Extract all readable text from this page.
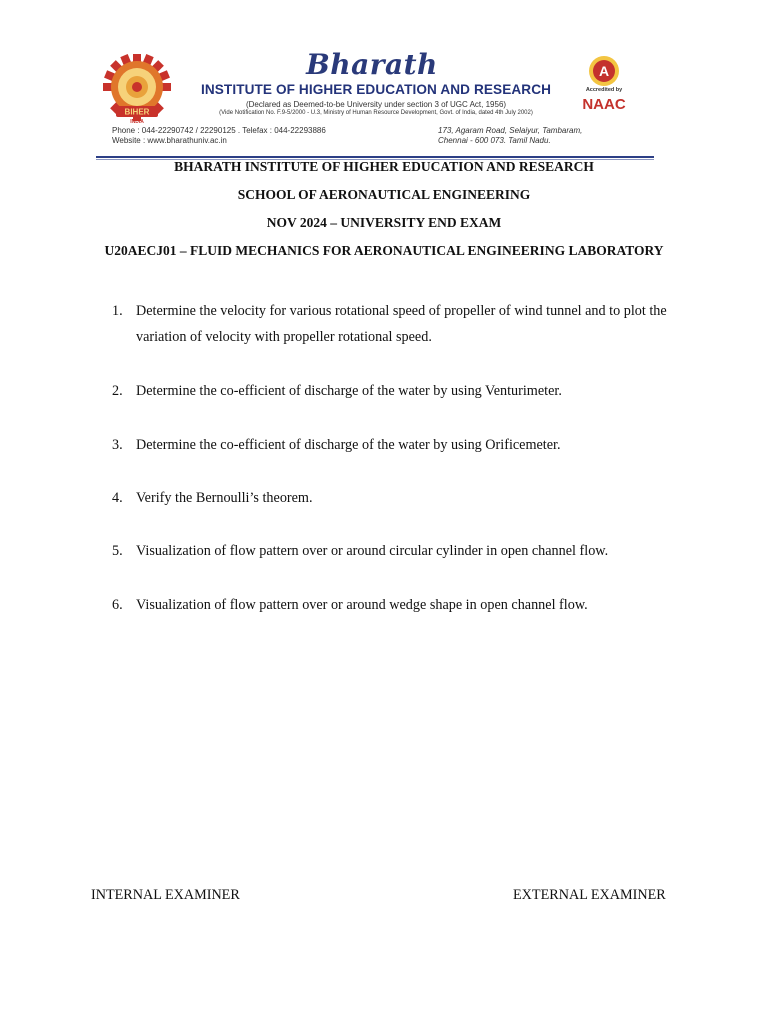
BIHER
INDIA
Bharath
INSTITUTE OF HIGHER EDUCATION AND RESEARCH
(Declared as Deemed-to-be University under section 3 of UGC Act, 1956)
(Vide Notification No. F.9-5/2000 - U.3, Ministry of Human Resource Development, Govt. of India, dated 4th July 2002)
A
Accredited by
NAAC
Phone : 044-22290742 / 22290125 . Telefax : 044-22293886
Website : www.bharathuniv.ac.in
173, Agaram Road, Selaiyur, Tambaram,
Chennai - 600 073. Tamil Nadu.
BHARATH INSTITUTE OF HIGHER EDUCATION AND RESEARCH
SCHOOL OF AERONAUTICAL ENGINEERING
NOV 2024 – UNIVERSITY END EXAM
U20AECJ01 – FLUID MECHANICS FOR AERONAUTICAL ENGINEERING LABORATORY
1. Determine the velocity for various rotational speed of propeller of wind tunnel and to plot the variation of velocity with propeller rotational speed.
2. Determine the co-efficient of discharge of the water by using Venturimeter.
3. Determine the co-efficient of discharge of the water by using Orificemeter.
4. Verify the Bernoulli’s theorem.
5. Visualization of flow pattern over or around circular cylinder in open channel flow.
6. Visualization of flow pattern over or around wedge shape in open channel flow.
INTERNAL EXAMINER	EXTERNAL EXAMINER
